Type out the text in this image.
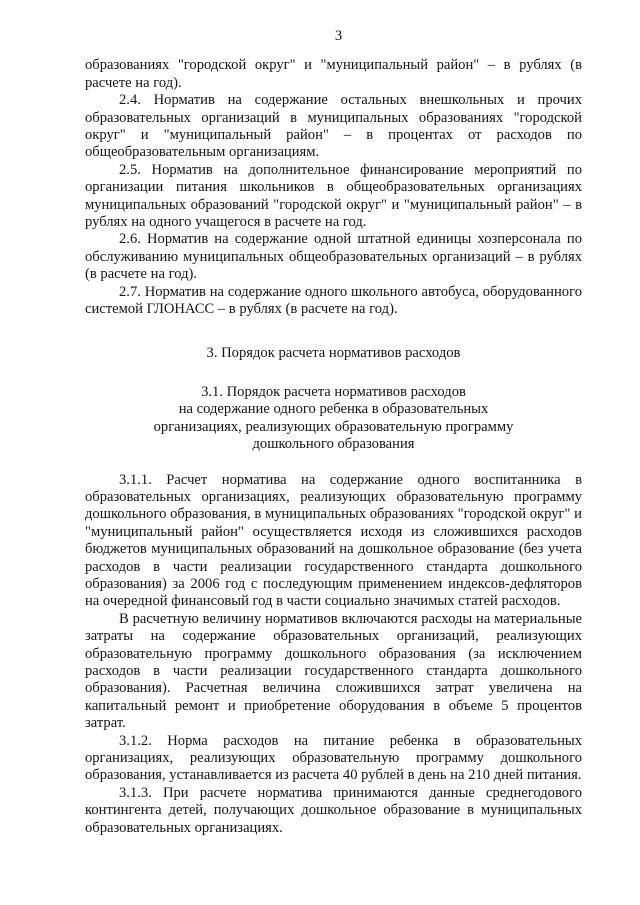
3

образованиях "городской округ" и "муниципальный район" – в рублях (в расчете на год).

2.4. Норматив на содержание остальных внешкольных и прочих образовательных организаций в муниципальных образованиях "городской округ" и "муниципальный район" – в процентах от расходов по общеобразовательным организациям.

2.5. Норматив на дополнительное финансирование мероприятий по организации питания школьников в общеобразовательных организациях муниципальных образований "городской округ" и "муниципальный район" – в рублях на одного учащегося в расчете на год.

2.6. Норматив на содержание одной штатной единицы хозперсонала по обслуживанию муниципальных общеобразовательных организаций – в рублях (в расчете на год).

2.7. Норматив на содержание одного школьного автобуса, оборудованного системой ГЛОНАСС – в рублях (в расчете на год).

3. Порядок расчета нормативов расходов
3.1. Порядок расчета нормативов расходов
на содержание одного ребенка в образовательных
организациях, реализующих образовательную программу
дошкольного образования

3.1.1. Расчет норматива на содержание одного воспитанника в образовательных организациях, реализующих образовательную программу дошкольного образования, в муниципальных образованиях "городской округ" и "муниципальный район" осуществляется исходя из сложившихся расходов бюджетов муниципальных образований на дошкольное образование (без учета расходов в части реализации государственного стандарта дошкольного образования) за 2006 год с последующим применением индексов-дефляторов на очередной финансовый год в части социально значимых статей расходов.

В расчетную величину нормативов включаются расходы на материальные затраты на содержание образовательных организаций, реализующих образовательную программу дошкольного образования (за исключением расходов в части реализации государственного стандарта дошкольного образования). Расчетная величина сложившихся затрат увеличена на капитальный ремонт и приобретение оборудования в объеме 5 процентов затрат.

3.1.2. Норма расходов на питание ребенка в образовательных организациях, реализующих образовательную программу дошкольного образования, устанавливается из расчета 40 рублей в день на 210 дней питания.

3.1.3. При расчете норматива принимаются данные среднегодового контингента детей, получающих дошкольное образование в муниципальных образовательных организациях.
